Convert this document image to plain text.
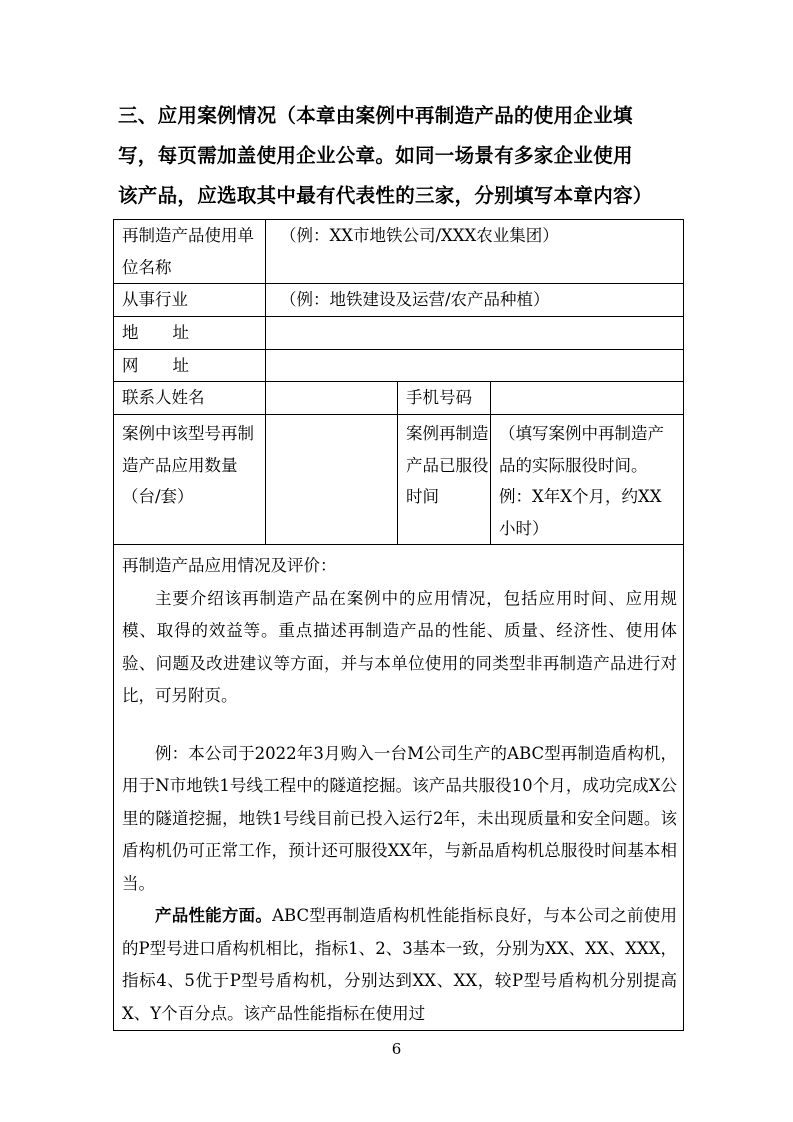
三、应用案例情况（本章由案例中再制造产品的使用企业填
写，每页需加盖使用企业公章。如同一场景有多家企业使用
该产品，应选取其中最有代表性的三家，分别填写本章内容）
再制造产品使用单位名称	（例：XX市地铁公司/XXX农业集团）		
从事行业	（例：地铁建设及运营/农产品种植）		
地址			
网址			
联系人姓名		手机号码	
案例中该型号再制造产品应用数量（台/套）		案例再制造产品已服役时间	（填写案例中再制造产品的实际服役时间。例：X年X个月，约XX小时）

再制造产品应用情况及评价：

主要介绍该再制造产品在案例中的应用情况，包括应用时间、应用规模、取得的效益等。重点描述再制造产品的性能、质量、经济性、使用体验、问题及改进建议等方面，并与本单位使用的同类型非再制造产品进行对比，可另附页。

例：本公司于2022年3月购入一台M公司生产的ABC型再制造盾构机，用于N市地铁1号线工程中的隧道挖掘。该产品共服役10个月，成功完成X公里的隧道挖掘，地铁1号线目前已投入运行2年，未出现质量和安全问题。该盾构机仍可正常工作，预计还可服役XX年，与新品盾构机总服役时间基本相当。

产品性能方面。ABC型再制造盾构机性能指标良好，与本公司之前使用的P型号进口盾构机相比，指标1、2、3基本一致，分别为XX、XX、XXX，指标4、5优于P型号盾构机，分别达到XX、XX，较P型号盾构机分别提高X、Y个百分点。该产品性能指标在使用过			

6
